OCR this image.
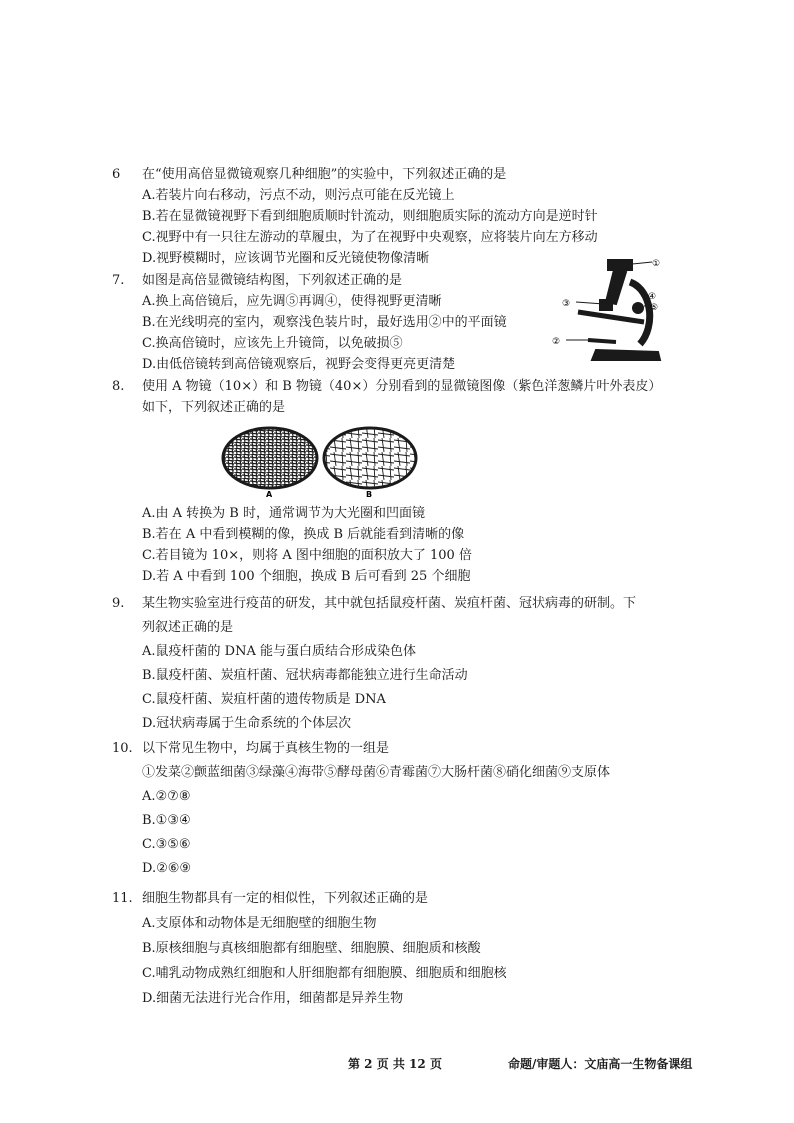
6	在“使用高倍显微镜观察几种细胞”的实验中，下列叙述正确的是
A.若装片向右移动，污点不动，则污点可能在反光镜上
B.若在显微镜视野下看到细胞质顺时针流动，则细胞质实际的流动方向是逆时针
C.视野中有一只往左游动的草履虫，为了在视野中央观察，应将装片向左方移动
D.视野模糊时，应该调节光圈和反光镜使物像清晰
7.	如图是高倍显微镜结构图，下列叙述正确的是
A.换上高倍镜后，应先调⑤再调④，使得视野更清晰
B.在光线明亮的室内，观察浅色装片时，最好选用②中的平面镜
C.换高倍镜时，应该先上升镜筒，以免破损⑤
D.由低倍镜转到高倍镜观察后，视野会变得更亮更清楚
①
②
③
④
⑤
8.	使用 A 物镜（10×）和 B 物镜（40×）分别看到的显微镜图像（紫色洋葱鳞片叶外表皮）
如下，下列叙述正确的是
A	B
A.由 A 转换为 B 时，通常调节为大光圈和凹面镜
B.若在 A 中看到模糊的像，换成 B 后就能看到清晰的像
C.若目镜为 10×，则将 A 图中细胞的面积放大了 100 倍
D.若 A 中看到 100 个细胞，换成 B 后可看到 25 个细胞
9.	某生物实验室进行疫苗的研发，其中就包括鼠疫杆菌、炭疽杆菌、冠状病毒的研制。下
列叙述正确的是
A.鼠疫杆菌的 DNA 能与蛋白质结合形成染色体
B.鼠疫杆菌、炭疽杆菌、冠状病毒都能独立进行生命活动
C.鼠疫杆菌、炭疽杆菌的遗传物质是 DNA
D.冠状病毒属于生命系统的个体层次
10. 以下常见生物中，均属于真核生物的一组是
①发菜②颤蓝细菌③绿藻④海带⑤酵母菌⑥青霉菌⑦大肠杆菌⑧硝化细菌⑨支原体
A.②⑦⑧
B.①③④
C.③⑤⑥
D.②⑥⑨
11. 细胞生物都具有一定的相似性，下列叙述正确的是
A.支原体和动物体是无细胞壁的细胞生物
B.原核细胞与真核细胞都有细胞壁、细胞膜、细胞质和核酸
C.哺乳动物成熟红细胞和人肝细胞都有细胞膜、细胞质和细胞核
D.细菌无法进行光合作用，细菌都是异养生物
第 2 页 共 12 页	命题/审题人：文庙高一生物备课组
